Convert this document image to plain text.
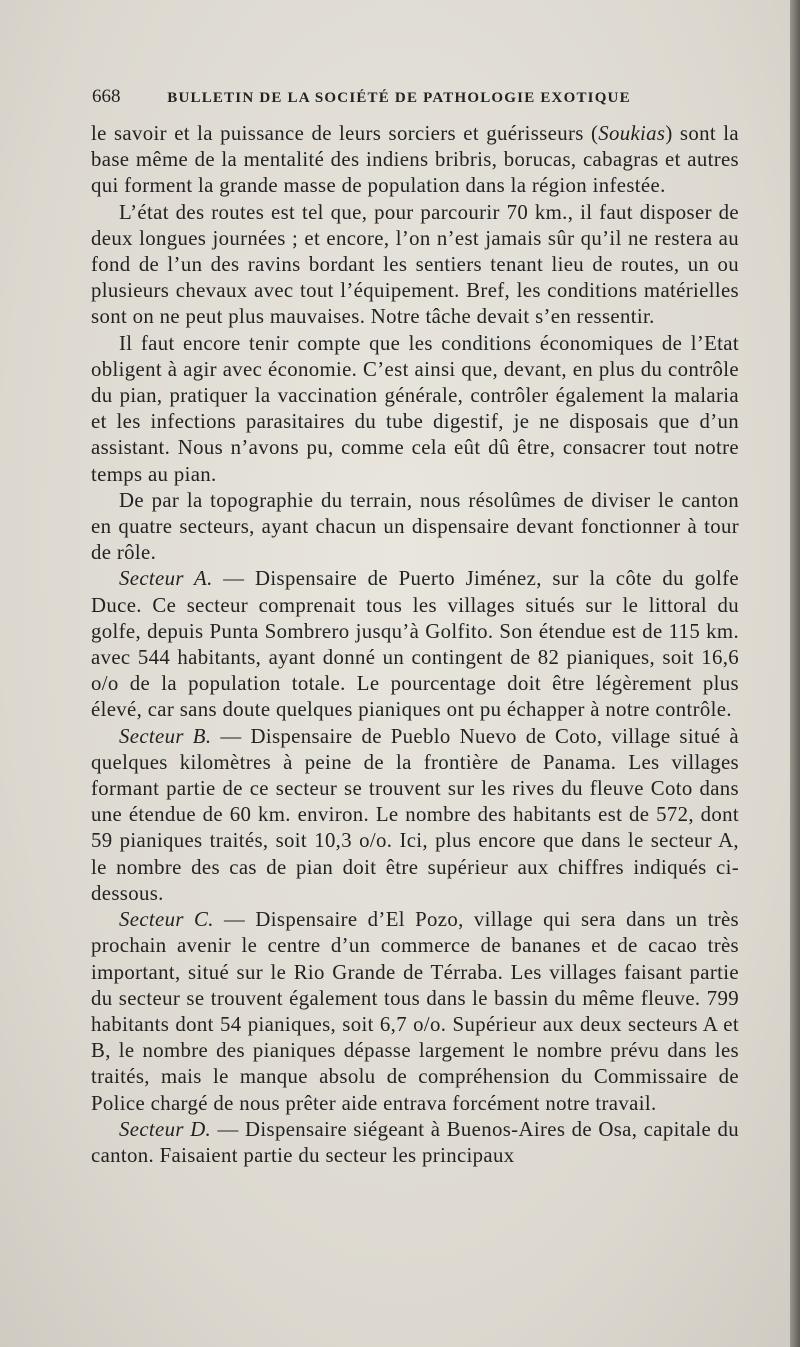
668	BULLETIN DE LA SOCIÉTÉ DE PATHOLOGIE EXOTIQUE

le savoir et la puissance de leurs sorciers et guérisseurs (Soukias) sont la base même de la mentalité des indiens bribris, borucas, cabagras et autres qui forment la grande masse de population dans la région infestée.

L’état des routes est tel que, pour parcourir 70 km., il faut disposer de deux longues journées ; et encore, l’on n’est jamais sûr qu’il ne restera au fond de l’un des ravins bordant les sentiers tenant lieu de routes, un ou plusieurs chevaux avec tout l’équipement. Bref, les conditions matérielles sont on ne peut plus mauvaises. Notre tâche devait s’en ressentir.

Il faut encore tenir compte que les conditions économiques de l’Etat obligent à agir avec économie. C’est ainsi que, devant, en plus du contrôle du pian, pratiquer la vaccination générale, contrôler également la malaria et les infections parasitaires du tube digestif, je ne disposais que d’un assistant. Nous n’avons pu, comme cela eût dû être, consacrer tout notre temps au pian.

De par la topographie du terrain, nous résolûmes de diviser le canton en quatre secteurs, ayant chacun un dispensaire devant fonctionner à tour de rôle.

Secteur A. — Dispensaire de Puerto Jiménez, sur la côte du golfe Duce. Ce secteur comprenait tous les villages situés sur le littoral du golfe, depuis Punta Sombrero jusqu’à Golfito. Son étendue est de 115 km. avec 544 habitants, ayant donné un contingent de 82 pianiques, soit 16,6 o/o de la population totale. Le pourcentage doit être légèrement plus élevé, car sans doute quelques pianiques ont pu échapper à notre contrôle.

Secteur B. — Dispensaire de Pueblo Nuevo de Coto, village situé à quelques kilomètres à peine de la frontière de Panama. Les villages formant partie de ce secteur se trouvent sur les rives du fleuve Coto dans une étendue de 60 km. environ. Le nombre des habitants est de 572, dont 59 pianiques traités, soit 10,3 o/o. Ici, plus encore que dans le secteur A, le nombre des cas de pian doit être supérieur aux chiffres indiqués ci-dessous.

Secteur C. — Dispensaire d’El Pozo, village qui sera dans un très prochain avenir le centre d’un commerce de bananes et de cacao très important, situé sur le Rio Grande de Térraba. Les villages faisant partie du secteur se trouvent également tous dans le bassin du même fleuve. 799 habitants dont 54 pianiques, soit 6,7 o/o. Supérieur aux deux secteurs A et B, le nombre des pianiques dépasse largement le nombre prévu dans les traités, mais le manque absolu de compréhension du Commissaire de Police chargé de nous prêter aide entrava forcément notre travail.

Secteur D. — Dispensaire siégeant à Buenos-Aires de Osa, capitale du canton. Faisaient partie du secteur les principaux
